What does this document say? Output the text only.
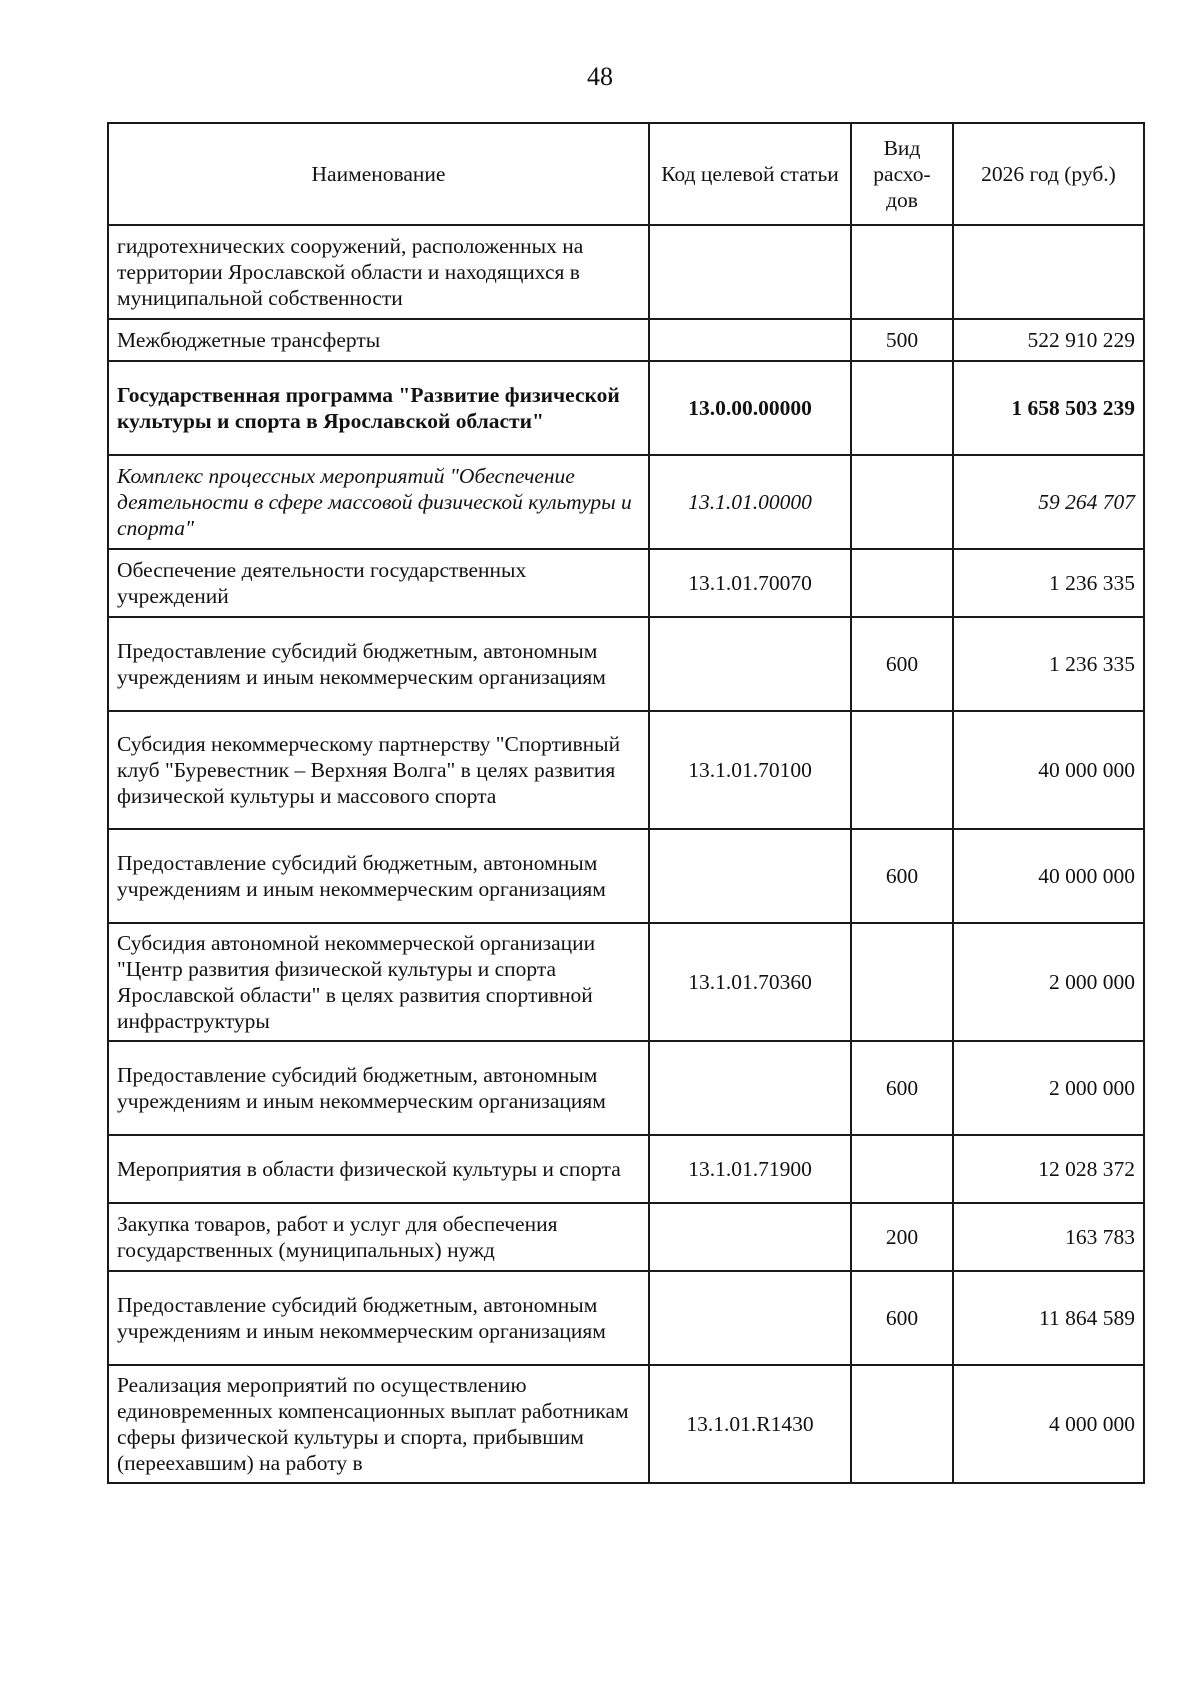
48
Наименование	Код целевой статьи	Вид расхо-дов	2026 год (руб.)
гидротехнических сооружений, расположенных на территории Ярославской области и находящихся в муниципальной собственности			
Межбюджетные трансферты		500	522 910 229
Государственная программа "Развитие физической культуры и спорта в Ярославской области"	13.0.00.00000		1 658 503 239
Комплекс процессных мероприятий "Обеспечение деятельности в сфере массовой физической культуры и спорта"	13.1.01.00000		59 264 707
Обеспечение деятельности государственных учреждений	13.1.01.70070		1 236 335
Предоставление субсидий бюджетным, автономным учреждениям и иным некоммерческим организациям		600	1 236 335
Субсидия некоммерческому партнерству "Спортивный клуб "Буревестник – Верхняя Волга" в целях развития физической культуры и массового спорта	13.1.01.70100		40 000 000
Предоставление субсидий бюджетным, автономным учреждениям и иным некоммерческим организациям		600	40 000 000
Субсидия автономной некоммерческой организации "Центр развития физической культуры и спорта Ярославской области" в целях развития спортивной инфраструктуры	13.1.01.70360		2 000 000
Предоставление субсидий бюджетным, автономным учреждениям и иным некоммерческим организациям		600	2 000 000
Мероприятия в области физической культуры и спорта	13.1.01.71900		12 028 372
Закупка товаров, работ и услуг для обеспечения государственных (муниципальных) нужд		200	163 783
Предоставление субсидий бюджетным, автономным учреждениям и иным некоммерческим организациям		600	11 864 589
Реализация мероприятий по осуществлению единовременных компенсационных выплат работникам сферы физической культуры и спорта, прибывшим (переехавшим) на работу в	13.1.01.R1430		4 000 000
